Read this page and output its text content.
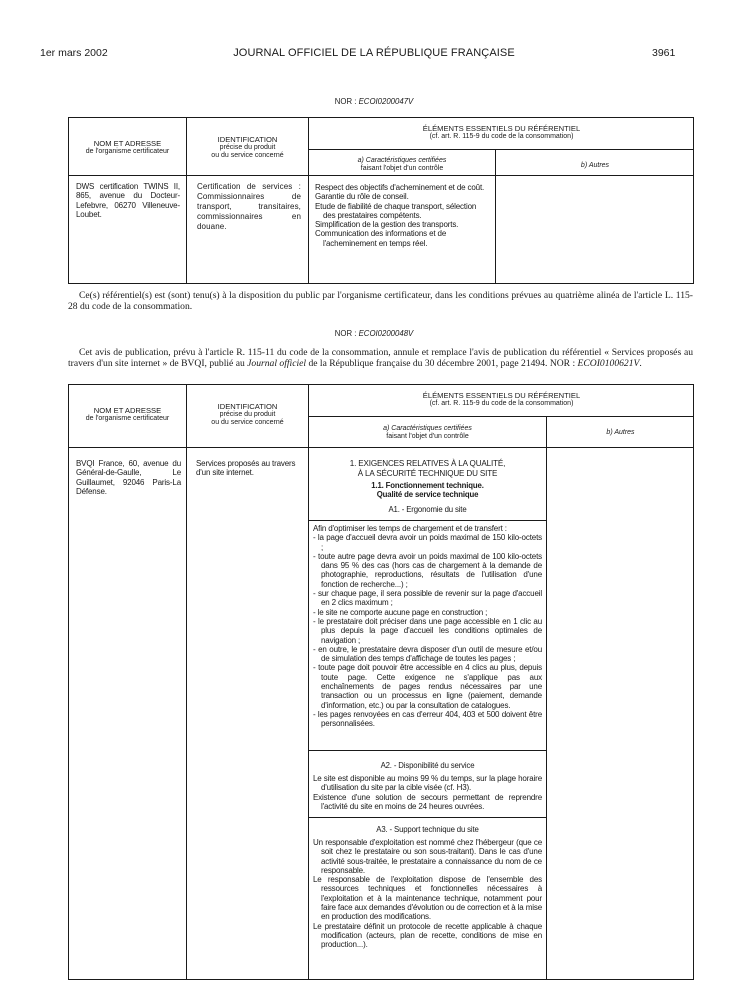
JOURNAL OFFICIEL DE LA RÉPUBLIQUE FRANÇAISE
1er mars 2002	3961
NOR : ECOI0200047V
NOM ET ADRESSE
de l'organisme certificateur
IDENTIFICATION
précise du produit
ou du service concerné
ÉLÉMENTS ESSENTIELS DU RÉFÉRENTIEL
(cf. art. R. 115-9 du code de la consommation)
a) Caractéristiques certifiées
faisant l'objet d'un contrôle	b) Autres
DWS certification TWINS II, 865, avenue du Docteur-Lefebvre, 06270 Villeneuve-Loubet.
Certification de services : Commissionnaires de transport, transitaires, commissionnaires en douane.

Respect des objectifs d'acheminement et de coût.

Garantie du rôle de conseil.

Etude de fiabilité de chaque transport, sélection des prestataires compétents.

Simplification de la gestion des transports.

Communication des informations et de l'acheminement en temps réel.

Ce(s) référentiel(s) est (sont) tenu(s) à la disposition du public par l'organisme certificateur, dans les conditions prévues au quatrième alinéa de l'article L. 115-28 du code de la consommation.
NOR : ECOI0200048V
Cet avis de publication, prévu à l'article R. 115-11 du code de la consommation, annule et remplace l'avis de publication du référentiel « Services proposés au travers d'un site internet » de BVQI, publié au Journal officiel de la République française du 30 décembre 2001, page 21494. NOR : ECOI0100621V.
NOM ET ADRESSE
de l'organisme certificateur
IDENTIFICATION
précise du produit
ou du service concerné
ÉLÉMENTS ESSENTIELS DU RÉFÉRENTIEL
(cf. art. R. 115-9 du code de la consommation)
a) Caractéristiques certifiées
faisant l'objet d'un contrôle
b) Autres
BVQI France, 60, avenue du Général-de-Gaulle, Le Guillaumet, 92046 Paris-La Défense.
Services proposés au travers d'un site internet.
1. EXIGENCES RELATIVES À LA QUALITÉ,
À LA SÉCURITÉ TECHNIQUE DU SITE
1.1. Fonctionnement technique.
Qualité de service technique
A1. - Ergonomie du site

Afin d'optimiser les temps de chargement et de transfert :

- la page d'accueil devra avoir un poids maximal de 150 kilo-octets ;
- toute autre page devra avoir un poids maximal de 100 kilo-octets dans 95 % des cas (hors cas de chargement à la demande de photographie, reproductions, résultats de l'utilisation d'une fonction de recherche...) ;
- sur chaque page, il sera possible de revenir sur la page d'accueil en 2 clics maximum ;
- le site ne comporte aucune page en construction ;
- le prestataire doit préciser dans une page accessible en 1 clic au plus depuis la page d'accueil les conditions optimales de navigation ;
- en outre, le prestataire devra disposer d'un outil de mesure et/ou de simulation des temps d'affichage de toutes les pages ;
- toute page doit pouvoir être accessible en 4 clics au plus, depuis toute page. Cette exigence ne s'applique pas aux enchaînements de pages rendus nécessaires par une transaction ou un processus en ligne (paiement, demande d'information, etc.) ou par la consultation de catalogues.
- les pages renvoyées en cas d'erreur 404, 403 et 500 doivent être personnalisées.
A2. - Disponibilité du service

Le site est disponible au moins 99 % du temps, sur la plage horaire d'utilisation du site par la cible visée (cf. H3).

Existence d'une solution de secours permettant de reprendre l'activité du site en moins de 24 heures ouvrées.

A3. - Support technique du site

Un responsable d'exploitation est nommé chez l'hébergeur (que ce soit chez le prestataire ou son sous-traitant). Dans le cas d'une activité sous-traitée, le prestataire a connaissance du nom de ce responsable.

Le responsable de l'exploitation dispose de l'ensemble des ressources techniques et fonctionnelles nécessaires à l'exploitation et à la maintenance technique, notamment pour faire face aux demandes d'évolution ou de correction et à la mise en production des modifications.

Le prestataire définit un protocole de recette applicable à chaque modification (acteurs, plan de recette, conditions de mise en production...).
